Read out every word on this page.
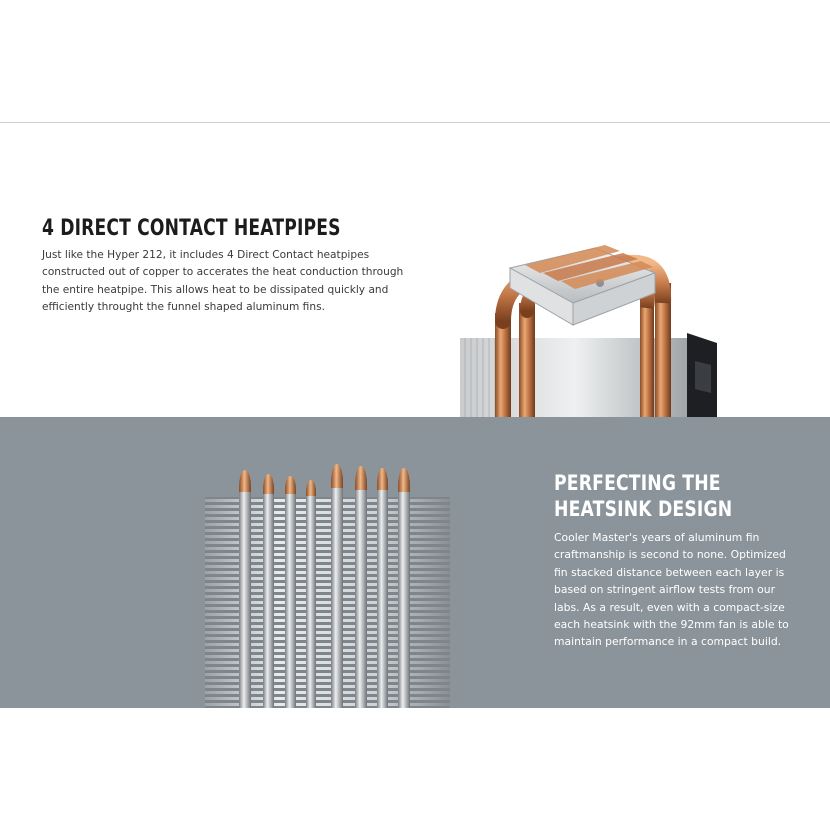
4 DIRECT CONTACT HEATPIPES

Just like the Hyper 212, it includes 4 Direct Contact heatpipes constructed out of copper to accerates the heat conduction through the entire heatpipe. This allows heat to be dissipated quickly and efficiently throught the funnel shaped aluminum fins.

PERFECTING THE HEATSINK DESIGN

Cooler Master's years of aluminum fin craftmanship is second to none. Optimized fin stacked distance between each layer is based on stringent airflow tests from our labs. As a result, even with a compact-size each heatsink with the 92mm fan is able to maintain performance in a compact build.
